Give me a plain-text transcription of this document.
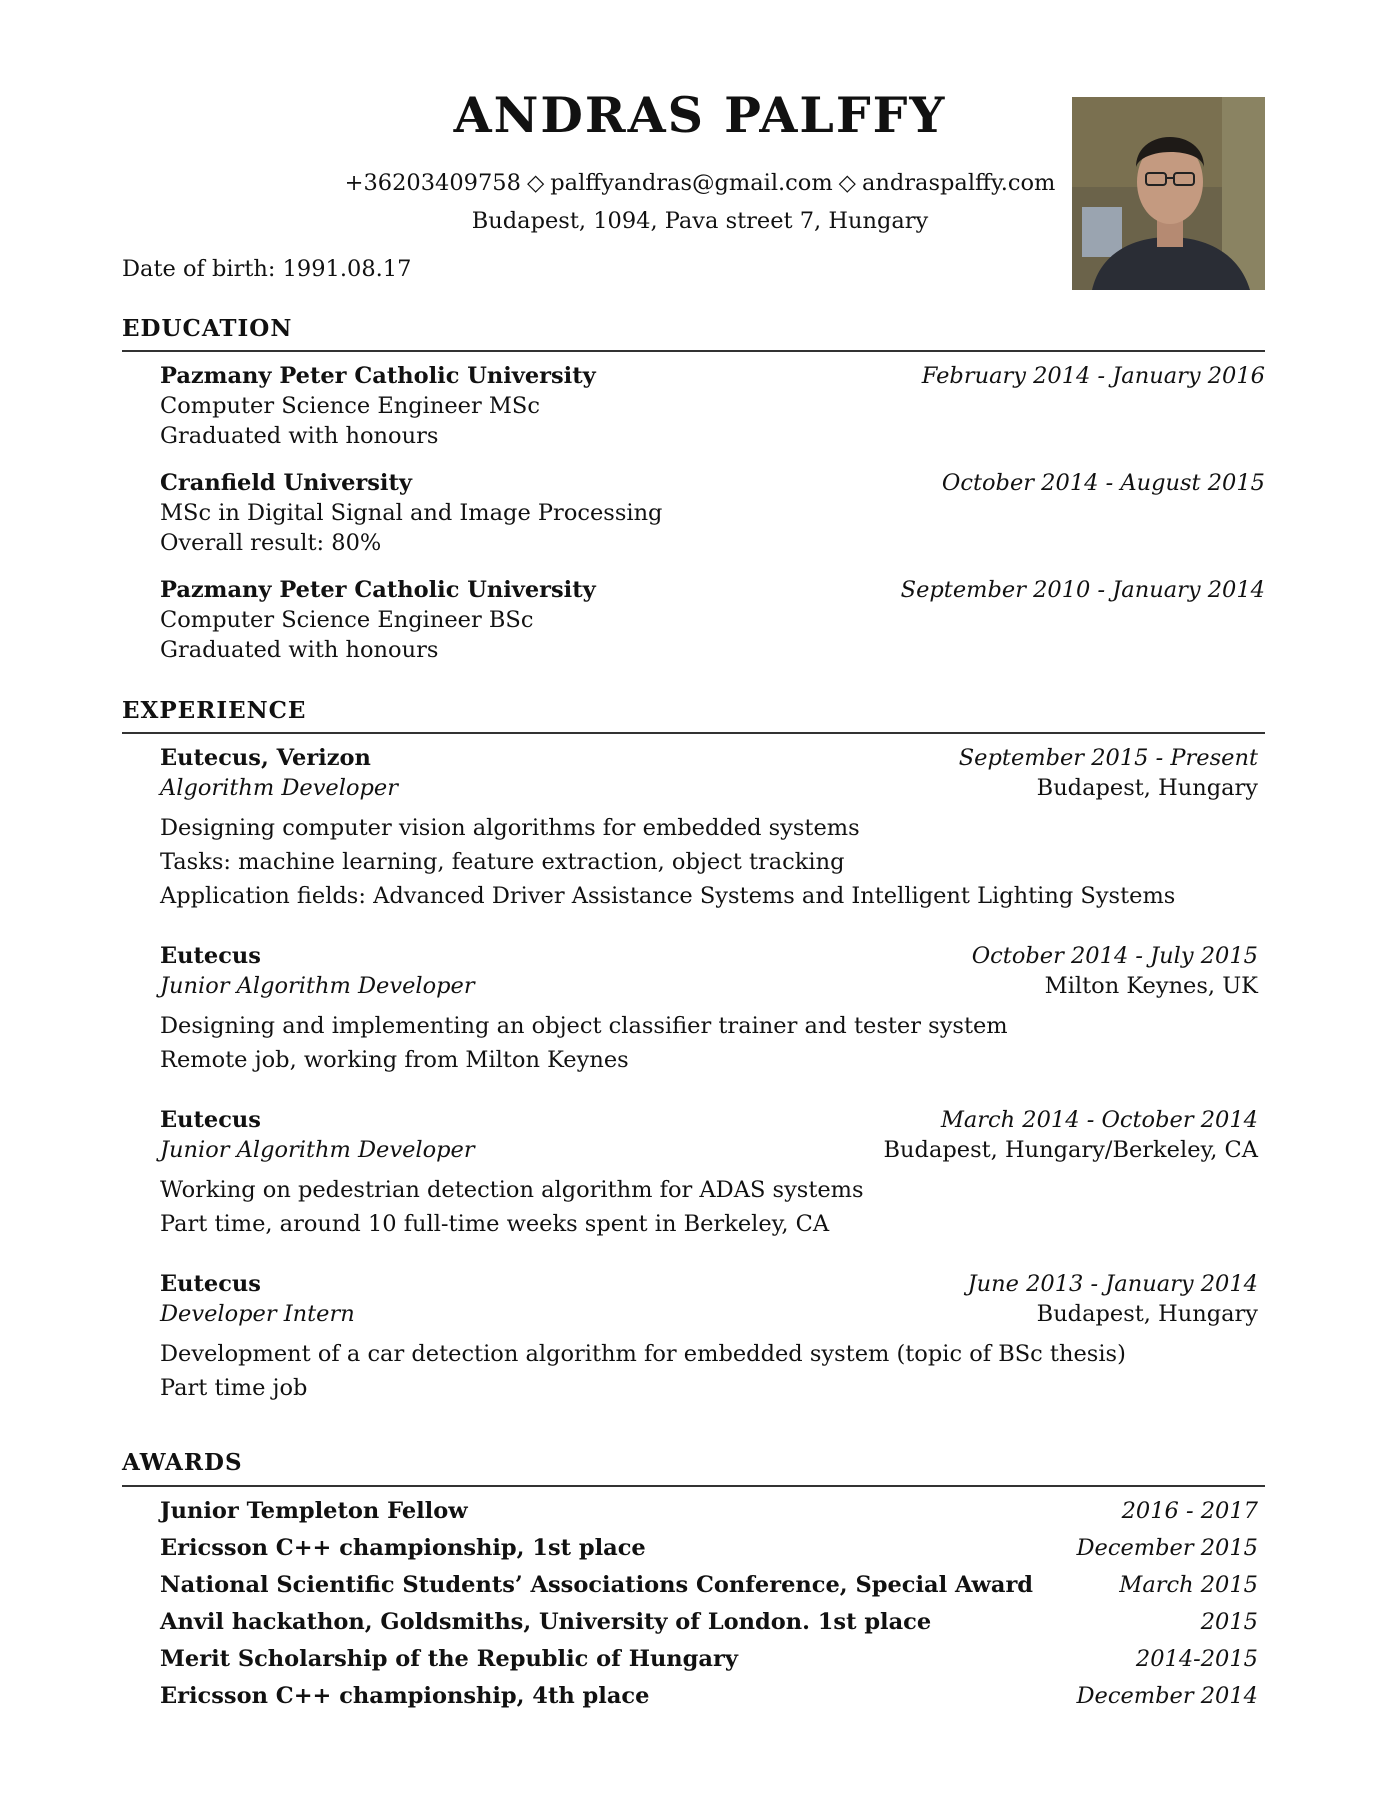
ANDRAS PALFFY
+36203409758 ◇ palffyandras@gmail.com ◇ andraspalffy.com
Budapest, 1094, Pava street 7, Hungary
Date of birth: 1991.08.17
EDUCATION
Pazmany Peter Catholic University	February 2014 - January 2016
Computer Science Engineer MSc
Graduated with honours
Cranfield University	October 2014 - August 2015
MSc in Digital Signal and Image Processing
Overall result: 80%
Pazmany Peter Catholic University	September 2010 - January 2014
Computer Science Engineer BSc
Graduated with honours
EXPERIENCE
Eutecus, Verizon	September 2015 - Present
Algorithm Developer	Budapest, Hungary
Designing computer vision algorithms for embedded systems
Tasks: machine learning, feature extraction, object tracking
Application fields: Advanced Driver Assistance Systems and Intelligent Lighting Systems
Eutecus	October 2014 - July 2015
Junior Algorithm Developer	Milton Keynes, UK
Designing and implementing an object classifier trainer and tester system
Remote job, working from Milton Keynes
Eutecus	March 2014 - October 2014
Junior Algorithm Developer	Budapest, Hungary/Berkeley, CA
Working on pedestrian detection algorithm for ADAS systems
Part time, around 10 full-time weeks spent in Berkeley, CA
Eutecus	June 2013 - January 2014
Developer Intern	Budapest, Hungary
Development of a car detection algorithm for embedded system (topic of BSc thesis)
Part time job
AWARDS
Junior Templeton Fellow	2016 - 2017
Ericsson C++ championship, 1st place	December 2015
National Scientific Students’ Associations Conference, Special Award	March 2015
Anvil hackathon, Goldsmiths, University of London. 1st place	2015
Merit Scholarship of the Republic of Hungary	2014-2015
Ericsson C++ championship, 4th place	December 2014
